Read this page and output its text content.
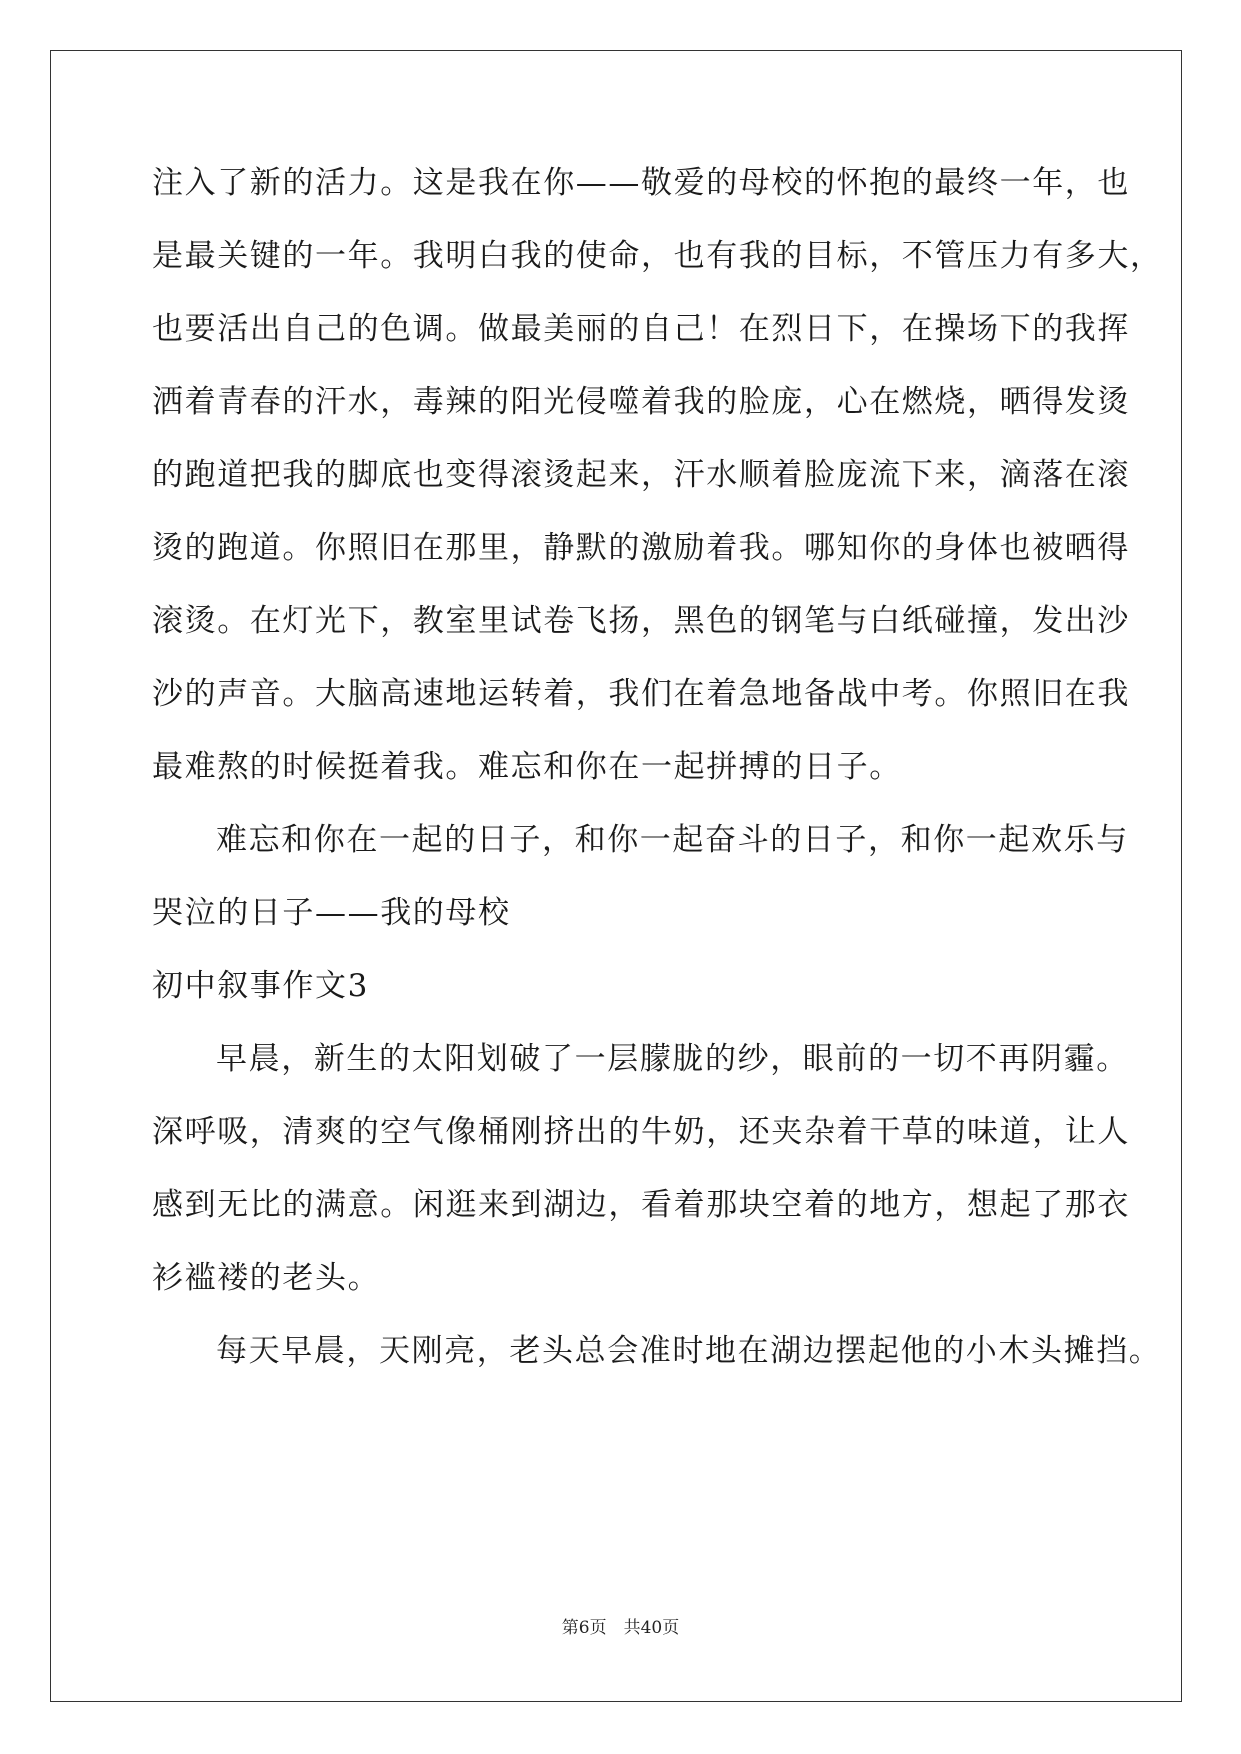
注入了新的活力。这是我在你——敬爱的母校的怀抱的最终一年，也
是最关键的一年。我明白我的使命，也有我的目标，不管压力有多大，
也要活出自己的色调。做最美丽的自己！在烈日下，在操场下的我挥
洒着青春的汗水，毒辣的阳光侵噬着我的脸庞，心在燃烧，晒得发烫
的跑道把我的脚底也变得滚烫起来，汗水顺着脸庞流下来，滴落在滚
烫的跑道。你照旧在那里，静默的激励着我。哪知你的身体也被晒得
滚烫。在灯光下，教室里试卷飞扬，黑色的钢笔与白纸碰撞，发出沙
沙的声音。大脑高速地运转着，我们在着急地备战中考。你照旧在我
最难熬的时候挺着我。难忘和你在一起拼搏的日子。
难忘和你在一起的日子，和你一起奋斗的日子，和你一起欢乐与
哭泣的日子——我的母校
初中叙事作文3
早晨，新生的太阳划破了一层朦胧的纱，眼前的一切不再阴霾。
深呼吸，清爽的空气像桶刚挤出的牛奶，还夹杂着干草的味道，让人
感到无比的满意。闲逛来到湖边，看着那块空着的地方，想起了那衣
衫褴褛的老头。
每天早晨，天刚亮，老头总会准时地在湖边摆起他的小木头摊挡。
第6页　共40页
